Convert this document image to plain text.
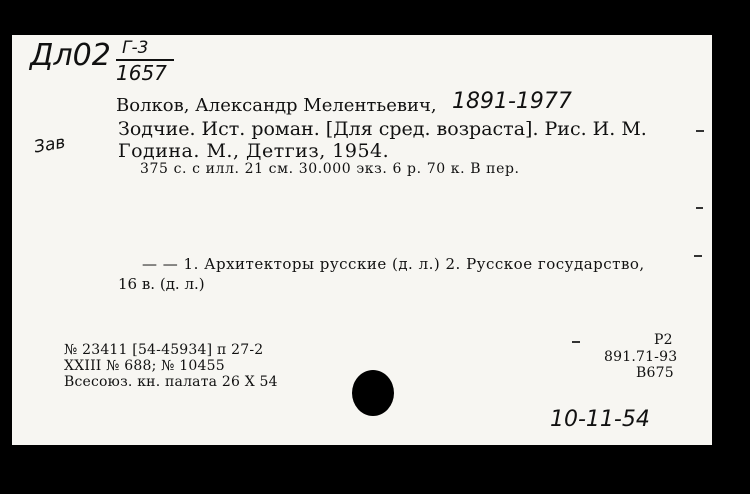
Дл02 Г-3
1657
Волков, Александр Мелентьевич, 1891-1977
Зав
Зодчие. Ист. роман. [Для сред. возраста]. Рис. И. М.
Година. М., Детгиз, 1954.
375 с. с илл. 21 см. 30.000 экз. 6 р. 70 к. В пер.
— — 1. Архитекторы русские (д. л.) 2. Русское государство,
16 в. (д. л.)
№ 23411 [54-45934] п 27-2
XXIII № 688; № 10455
Всесоюз. кн. палата 26 X 54
Р2
891.71-93
В675
10-11-54
